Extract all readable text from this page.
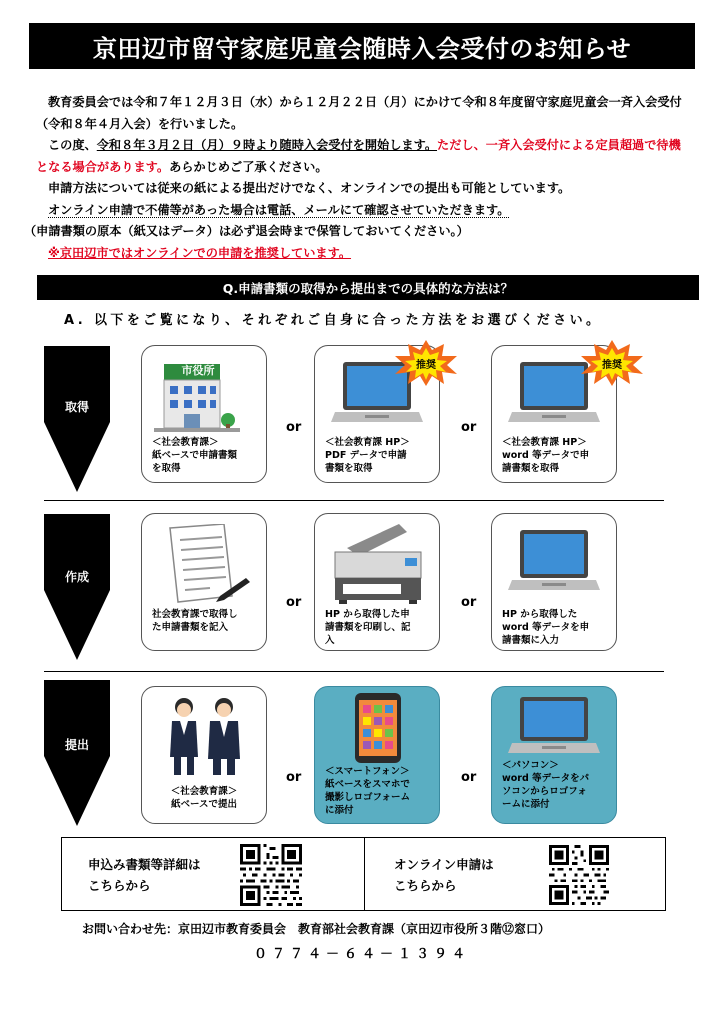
京田辺市留守家庭児童会随時入会受付のお知らせ

教育委員会では令和７年１２月３日（水）から１２月２２日（月）にかけて令和８年度留守家庭児童会一斉入会受付（令和８年４月入会）を行いました。

この度、令和８年３月２日（月）９時より随時入会受付を開始します。ただし、一斉入会受付による定員超過で待機となる場合があります。あらかじめご了承ください。

申請方法については従来の紙による提出だけでなく、オンラインでの提出も可能としています。

オンライン申請で不備等があった場合は電話、メールにて確認させていただきます。

（申請書類の原本（紙又はデータ）は必ず退会時まで保管しておいてください。）

※京田辺市ではオンラインでの申請を推奨しています。

Q.申請書類の取得から提出までの具体的な方法は？
A. 以下をご覧になり、それぞれご自身に合った方法をお選びください。
取得
市役所
＜社会教育課＞
紙ベースで申請書類
を取得
or
＜社会教育課 HP＞
PDF データで申請
書類を取得
推奨
or
＜社会教育課 HP＞
word 等データで申
請書類を取得
推奨
作成
社会教育課で取得し
た申請書類を記入
or
HP から取得した申
請書類を印刷し、記
入
or
HP から取得した
word 等データを申
請書類に入力
提出
＜社会教育課＞
紙ベースで提出
or ＜スマートフォン＞
紙ベースをスマホで
撮影しロゴフォーム
に添付
or
＜パソコン＞
word 等データをパ
ソコンからロゴフォ
ームに添付
申込み書類等詳細は
こちらから
オンライン申請は
こちらから
お問い合わせ先：京田辺市教育委員会　教育部社会教育課（京田辺市役所３階⑫窓口）
０７７４－６４－１３９４
